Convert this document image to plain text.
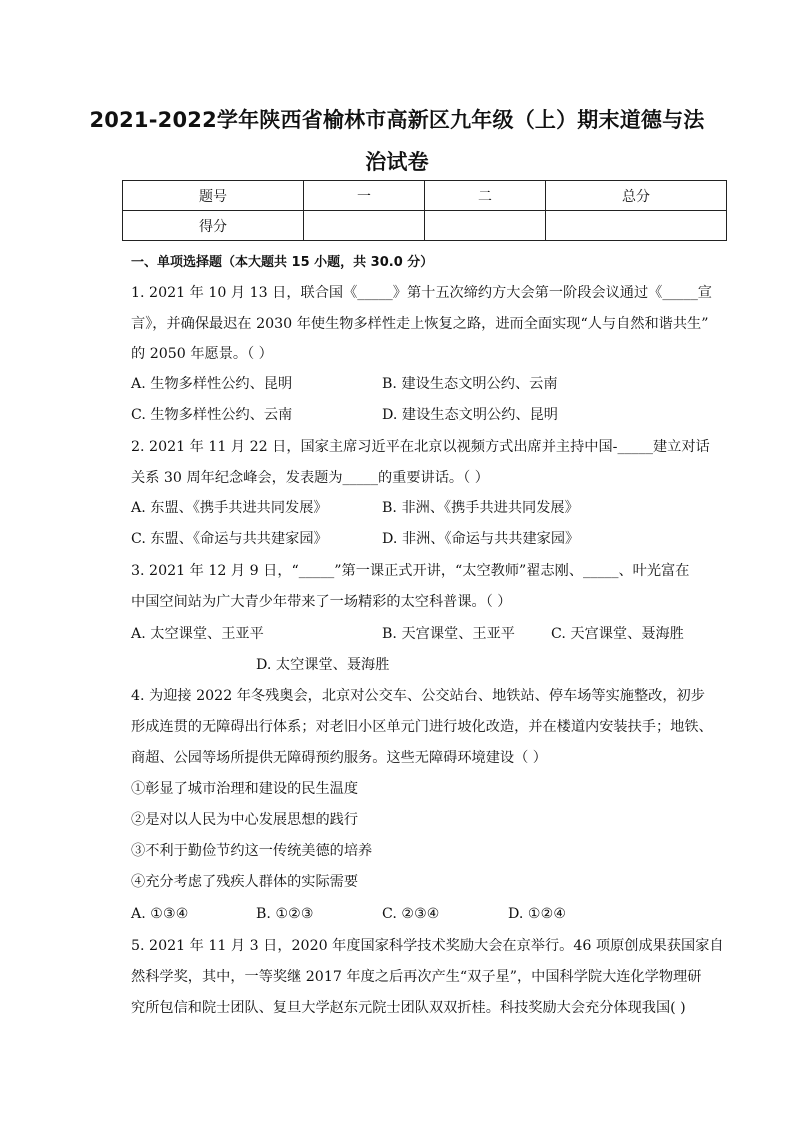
2021-2022学年陕西省榆林市高新区九年级（上）期末道德与法
治试卷
题号	一	二	总分
得分			
一、单项选择题（本大题共 15 小题，共 30.0 分）
1. 2021 年 10 月 13 日，联合国《_____》第十五次缔约方大会第一阶段会议通过《_____宣
言》，并确保最迟在 2030 年使生物多样性走上恢复之路，进而全面实现“人与自然和谐共生”
的 2050 年愿景。（ ）
A. 生物多样性公约、昆明	B. 建设生态文明公约、云南
C. 生物多样性公约、云南	D. 建设生态文明公约、昆明
2. 2021 年 11 月 22 日，国家主席习近平在北京以视频方式出席并主持中国-_____建立对话
关系 30 周年纪念峰会，发表题为_____的重要讲话。（ ）
A. 东盟、《携手共进共同发展》	B. 非洲、《携手共进共同发展》
C. 东盟、《命运与共共建家园》	D. 非洲、《命运与共共建家园》
3. 2021 年 12 月 9 日，“_____”第一课正式开讲，“太空教师”翟志刚、_____、叶光富在
中国空间站为广大青少年带来了一场精彩的太空科普课。（ ）
A. 太空课堂、王亚平	B. 天宫课堂、王亚平	C. 天宫课堂、聂海胜
D. 太空课堂、聂海胜
4. 为迎接 2022 年冬残奥会，北京对公交车、公交站台、地铁站、停车场等实施整改，初步
形成连贯的无障碍出行体系；对老旧小区单元门进行坡化改造，并在楼道内安装扶手；地铁、
商超、公园等场所提供无障碍预约服务。这些无障碍环境建设（ ）
①彰显了城市治理和建设的民生温度
②是对以人民为中心发展思想的践行
③不利于勤俭节约这一传统美德的培养
④充分考虑了残疾人群体的实际需要
A. ①③④	B. ①②③	C. ②③④	D. ①②④
5. 2021 年 11 月 3 日，2020 年度国家科学技术奖励大会在京举行。46 项原创成果获国家自
然科学奖，其中，一等奖继 2017 年度之后再次产生“双子星”，中国科学院大连化学物理研
究所包信和院士团队、复旦大学赵东元院士团队双双折桂。科技奖励大会充分体现我国( )
